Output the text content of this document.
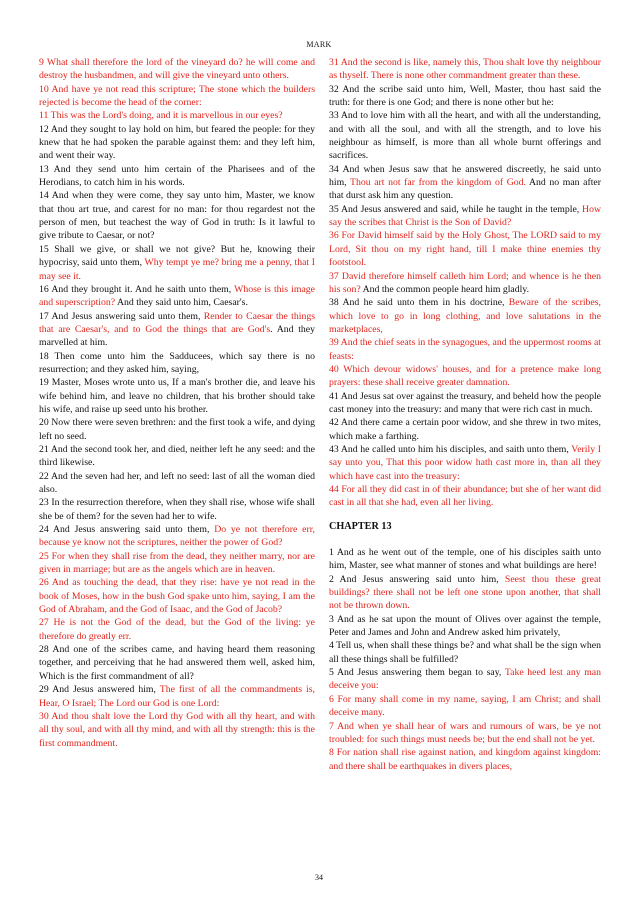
MARK

9 What shall therefore the lord of the vineyard do? he will come and destroy the husbandmen, and will give the vineyard unto others.

10 And have ye not read this scripture; The stone which the builders rejected is become the head of the corner:

11 This was the Lord's doing, and it is marvellous in our eyes?

12 And they sought to lay hold on him, but feared the people: for they knew that he had spoken the parable against them: and they left him, and went their way.

13 And they send unto him certain of the Pharisees and of the Herodians, to catch him in his words.

14 And when they were come, they say unto him, Master, we know that thou art true, and carest for no man: for thou regardest not the person of men, but teachest the way of God in truth: Is it lawful to give tribute to Caesar, or not?

15 Shall we give, or shall we not give? But he, knowing their hypocrisy, said unto them, Why tempt ye me? bring me a penny, that I may see it.

16 And they brought it. And he saith unto them, Whose is this image and superscription? And they said unto him, Caesar's.

17 And Jesus answering said unto them, Render to Caesar the things that are Caesar's, and to God the things that are God's. And they marvelled at him.

18 Then come unto him the Sadducees, which say there is no resurrection; and they asked him, saying,

19 Master, Moses wrote unto us, If a man's brother die, and leave his wife behind him, and leave no children, that his brother should take his wife, and raise up seed unto his brother.

20 Now there were seven brethren: and the first took a wife, and dying left no seed.

21 And the second took her, and died, neither left he any seed: and the third likewise.

22 And the seven had her, and left no seed: last of all the woman died also.

23 In the resurrection therefore, when they shall rise, whose wife shall she be of them? for the seven had her to wife.

24 And Jesus answering said unto them, Do ye not therefore err, because ye know not the scriptures, neither the power of God?

25 For when they shall rise from the dead, they neither marry, nor are given in marriage; but are as the angels which are in heaven.

26 And as touching the dead, that they rise: have ye not read in the book of Moses, how in the bush God spake unto him, saying, I am the God of Abraham, and the God of Isaac, and the God of Jacob?

27 He is not the God of the dead, but the God of the living: ye therefore do greatly err.

28 And one of the scribes came, and having heard them reasoning together, and perceiving that he had answered them well, asked him, Which is the first commandment of all?

29 And Jesus answered him, The first of all the commandments is, Hear, O Israel; The Lord our God is one Lord:

30 And thou shalt love the Lord thy God with all thy heart, and with all thy soul, and with all thy mind, and with all thy strength: this is the first commandment.

31 And the second is like, namely this, Thou shalt love thy neighbour as thyself. There is none other commandment greater than these.

32 And the scribe said unto him, Well, Master, thou hast said the truth: for there is one God; and there is none other but he:

33 And to love him with all the heart, and with all the understanding, and with all the soul, and with all the strength, and to love his neighbour as himself, is more than all whole burnt offerings and sacrifices.

34 And when Jesus saw that he answered discreetly, he said unto him, Thou art not far from the kingdom of God. And no man after that durst ask him any question.

35 And Jesus answered and said, while he taught in the temple, How say the scribes that Christ is the Son of David?

36 For David himself said by the Holy Ghost, The LORD said to my Lord, Sit thou on my right hand, till I make thine enemies thy footstool.

37 David therefore himself calleth him Lord; and whence is he then his son? And the common people heard him gladly.

38 And he said unto them in his doctrine, Beware of the scribes, which love to go in long clothing, and love salutations in the marketplaces,

39 And the chief seats in the synagogues, and the uppermost rooms at feasts:

40 Which devour widows' houses, and for a pretence make long prayers: these shall receive greater damnation.

41 And Jesus sat over against the treasury, and beheld how the people cast money into the treasury: and many that were rich cast in much.

42 And there came a certain poor widow, and she threw in two mites, which make a farthing.

43 And he called unto him his disciples, and saith unto them, Verily I say unto you, That this poor widow hath cast more in, than all they which have cast into the treasury:

44 For all they did cast in of their abundance; but she of her want did cast in all that she had, even all her living.

CHAPTER 13

1 And as he went out of the temple, one of his disciples saith unto him, Master, see what manner of stones and what buildings are here!

2 And Jesus answering said unto him, Seest thou these great buildings? there shall not be left one stone upon another, that shall not be thrown down.

3 And as he sat upon the mount of Olives over against the temple, Peter and James and John and Andrew asked him privately,

4 Tell us, when shall these things be? and what shall be the sign when all these things shall be fulfilled?

5 And Jesus answering them began to say, Take heed lest any man deceive you:

6 For many shall come in my name, saying, I am Christ; and shall deceive many.

7 And when ye shall hear of wars and rumours of wars, be ye not troubled: for such things must needs be; but the end shall not be yet.

8 For nation shall rise against nation, and kingdom against kingdom: and there shall be earthquakes in divers places,

34
